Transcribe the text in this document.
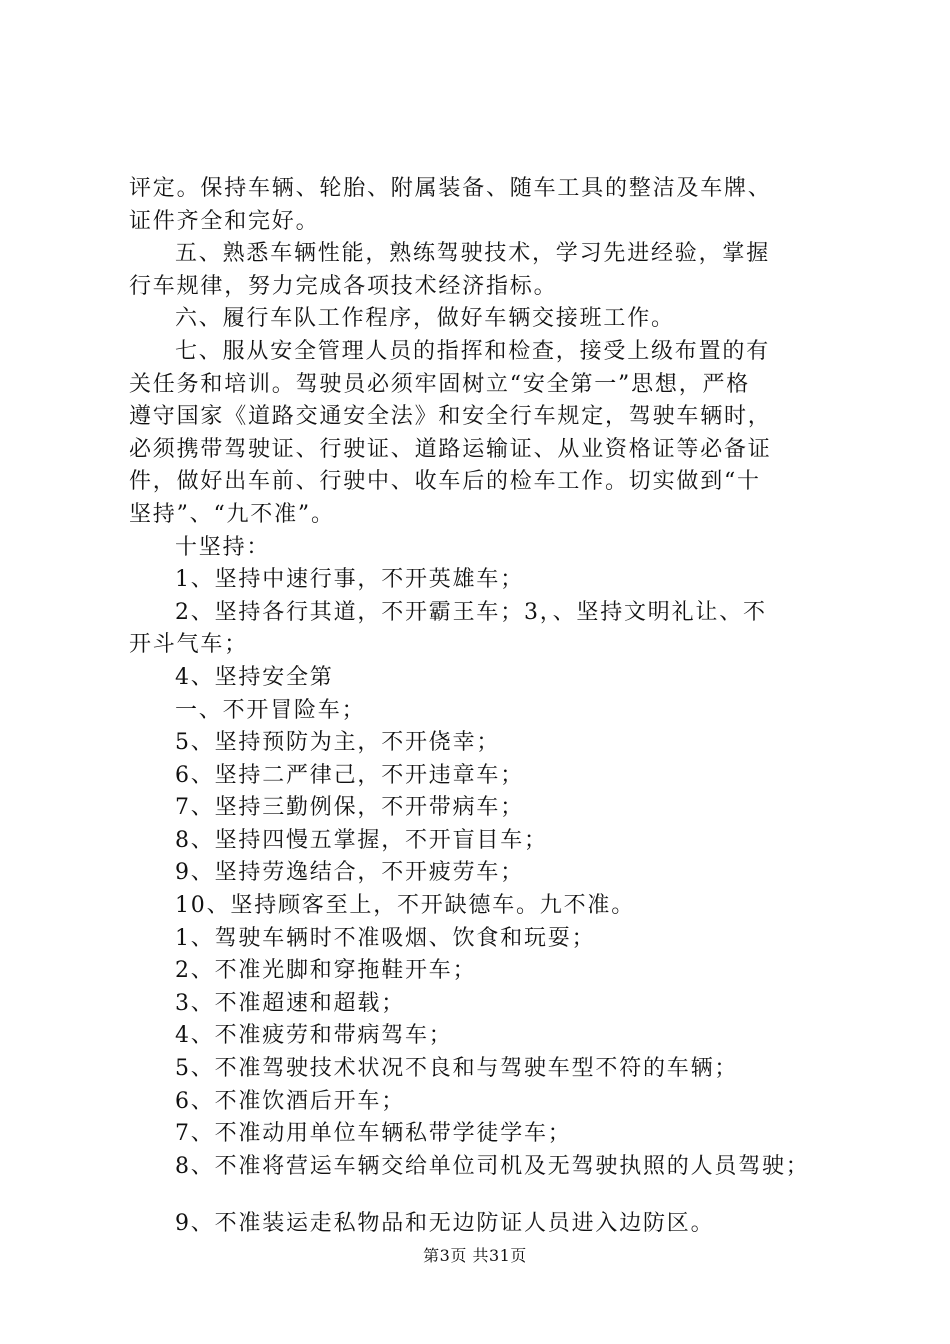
评定。保持车辆、轮胎、附属装备、随车工具的整洁及车牌、
证件齐全和完好。
五、熟悉车辆性能，熟练驾驶技术，学习先进经验，掌握
行车规律，努力完成各项技术经济指标。
六、履行车队工作程序，做好车辆交接班工作。
七、服从安全管理人员的指挥和检查，接受上级布置的有
关任务和培训。驾驶员必须牢固树立“安全第一”思想，严格
遵守国家《道路交通安全法》和安全行车规定，驾驶车辆时，
必须携带驾驶证、行驶证、道路运输证、从业资格证等必备证
件，做好出车前、行驶中、收车后的检车工作。切实做到“十
坚持”、“九不准”。
十坚持：
1、坚持中速行事，不开英雄车；
2、坚持各行其道，不开霸王车；3，、坚持文明礼让、不
开斗气车；
4、坚持安全第
一、不开冒险车；
5、坚持预防为主，不开侥幸；
6、坚持二严律己，不开违章车；
7、坚持三勤例保，不开带病车；
8、坚持四慢五掌握，不开盲目车；
9、坚持劳逸结合，不开疲劳车；
10、坚持顾客至上，不开缺德车。九不准。
1、驾驶车辆时不准吸烟、饮食和玩耍；
2、不准光脚和穿拖鞋开车；
3、不准超速和超载；
4、不准疲劳和带病驾车；
5、不准驾驶技术状况不良和与驾驶车型不符的车辆；
6、不准饮酒后开车；
7、不准动用单位车辆私带学徒学车；
8、不准将营运车辆交给单位司机及无驾驶执照的人员驾驶；
9、不准装运走私物品和无边防证人员进入边防区。
第3页 共31页
